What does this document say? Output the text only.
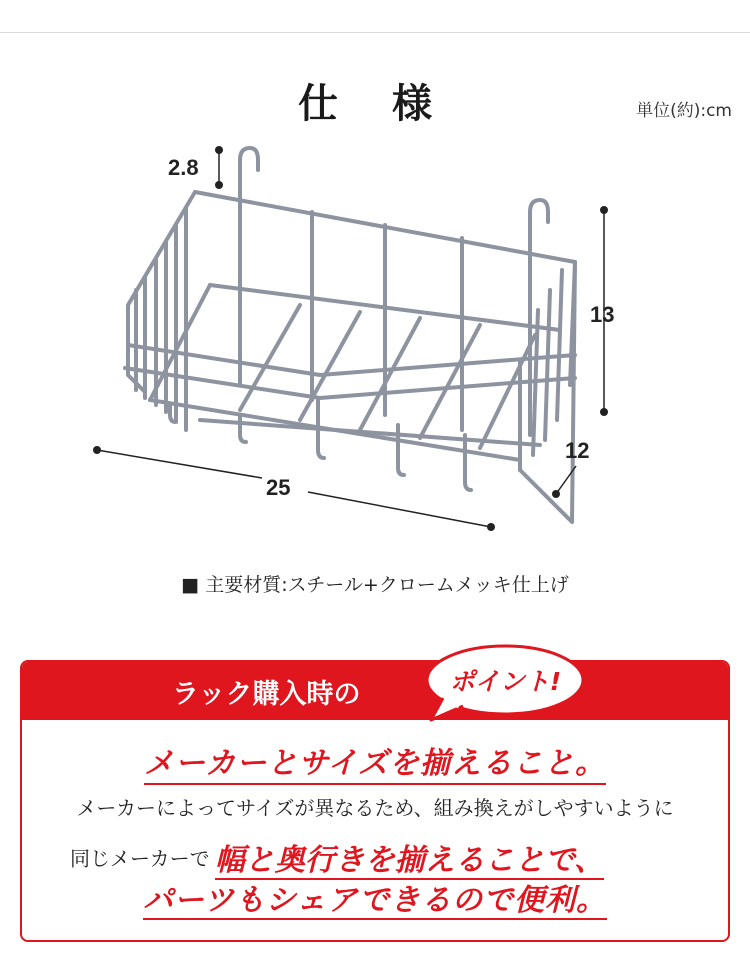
仕 様	単位(約):cm
2.8
13
12
25
■ 主要材質:スチール+クロームメッキ仕上げ
ラック購入時の	ポイント!
メーカーとサイズを揃えること。
メーカーによってサイズが異なるため、組み換えがしやすいように
同じメーカーで 幅と奥行きを揃えることで、
パーツもシェアできるので便利。
